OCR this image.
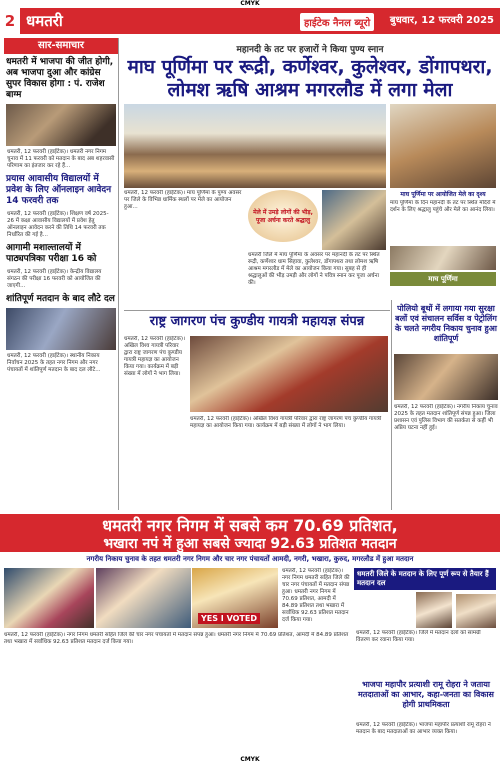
CMYK
2 धमतरी	हाईटेक नैनल ब्यूरो	बुधवार, 12 फरवरी 2025
सार-समाचार
धमतरी में भाजपा की जीत होगी, अब भाजपा दुआ और कांग्रेस सुपर विकास होगा : पं. राजेश बाग्म
धमतरी, 12 फरवरी (हाईटेक)। धमतरी नगर निगम चुनाव में 11 फरवरी को मतदान के बाद अब शहरवासी परिणाम का इंतजार कर रहे हैं...
प्रयास आवासीय विद्यालयों में प्रवेश के लिए ऑनलाइन आवेदन 14 फरवरी तक
धमतरी, 12 फरवरी (हाईटेक)। शिक्षण वर्ष 2025-26 में कक्षा आवासीय विद्यालयों में प्रवेश हेतु ऑनलाइन आवेदन करने की तिथि 14 फरवरी तक निर्धारित की गई है...
आगामी मशाल्तालयों में पाठ्यपत्रिका परीक्षा 16 को
धमतरी, 12 फरवरी (हाईटेक)। केन्द्रीय विद्यालय संगठन की परीक्षा 16 फरवरी को आयोजित की जाएगी...
शांतिपूर्ण मतदान के बाद लौटे दल
धमतरी, 12 फरवरी (हाईटेक)। स्थानीय निकाय निर्वाचन 2025 के तहत नगर निगम और नगर पंचायतों में शांतिपूर्ण मतदान के बाद दल लौटे...
महानदी के तट पर हजारों ने किया पुण्य स्नान
माघ पूर्णिमा पर रूद्री, कर्णेश्वर, कुलेश्वर, डोंगापथरा, लोमश ऋषि आश्रम मगरलौड में लगा मेला
धमतरी, 12 फरवरी (हाईटेक)। माघ पूर्णिमा के पुण्य अवसर पर जिले के विभिन्न धार्मिक स्थलों पर मेले का आयोजन हुआ...
मेले में उमड़े लोगों की भीड़, पूजा अर्चना करते श्रद्धालु
धमतरी जिले में माघ पूर्णिमा के अवसर पर महानदी के तट पर स्थित रूद्री, कर्णेश्वर धाम सिहावा, कुलेश्वर, डोंगापथरा तथा लोमश ऋषि आश्रम मगरलौड में मेले का आयोजन किया गया। सुबह से ही श्रद्धालुओं की भीड़ उमड़ी और लोगों ने पवित्र स्नान कर पूजा अर्चना की।
माघ पूर्णिमा पर आयोजित मेले का दृश्य
माघ पूर्णिमा के दिन महानदी के तट पर स्थित मंदिरों में दर्शन के लिए श्रद्धालु पहुंचे और मेले का आनंद लिया।
माघ पूर्णिमा
राष्ट्र जागरण पंच कुण्डीय गायत्री महायज्ञ संपन्न
धमतरी, 12 फरवरी (हाईटेक)। अखिल विश्व गायत्री परिवार द्वारा राष्ट्र जागरण पंच कुण्डीय गायत्री महायज्ञ का आयोजन किया गया। कार्यक्रम में बड़ी संख्या में लोगों ने भाग लिया।
धमतरी, 12 फरवरी (हाईटेक)। अखिल विश्व गायत्री परिवार द्वारा राष्ट्र जागरण पंच कुण्डीय गायत्री महायज्ञ का आयोजन किया गया। कार्यक्रम में बड़ी संख्या में लोगों ने भाग लिया।
पोलियो बूथों में लगाया गया सुरक्षा बलों एवं संचालन सर्विस व पेट्रोलिंग के चलते नगरीय निकाय चुनाव हुआ शांतिपूर्ण
धमतरी, 12 फरवरी (हाईटेक)। नगरीय निकाय चुनाव 2025 के तहत मतदान शांतिपूर्ण संपन्न हुआ। जिला प्रशासन एवं पुलिस विभाग की सतर्कता से कहीं भी अप्रिय घटना नहीं हुई।
धमतरी नगर निगम में सबसे कम 70.69 प्रतिशत,
भखारा नपं में हुआ सबसे ज्यादा 92.63 प्रतिशत मतदान
नगरीय निकाय चुनाव के तहत धमतरी नगर निगम और चार नगर पंचायतों आमदी, नगरी, भखारा, कुरुद, मगरलौड में हुआ मतदान
YES I VOTED
धमतरी, 12 फरवरी (हाईटेक)। नगर निगम धमतरी सहित जिले की चार नगर पंचायतों में मतदान संपन्न हुआ। धमतरी नगर निगम में 70.69 प्रतिशत, आमदी में 84.89 प्रतिशत तथा भखारा में सर्वाधिक 92.63 प्रतिशत मतदान दर्ज किया गया।
धमतरी, 12 फरवरी (हाईटेक)। नगर निगम धमतरी सहित जिले की चार नगर पंचायतों में मतदान संपन्न हुआ। धमतरी नगर निगम में 70.69 प्रतिशत, आमदी में 84.89 प्रतिशत तथा भखारा में सर्वाधिक 92.63 प्रतिशत मतदान दर्ज किया गया।
धमतरी जिले के मतदान के लिए पूर्ण रूप से तैयार हैं मतदान दल
धमतरी, 12 फरवरी (हाईटेक)। जिले में मतदान दलों को सामग्री वितरण कर रवाना किया गया।
भाजपा महापौर प्रत्याशी रामू रोहरा ने जताया मतदाताओं का आभार, कहा-जनता का विकास होगी प्राथमिकता
धमतरी, 12 फरवरी (हाईटेक)। भाजपा महापौर प्रत्याशी रामू रोहरा ने मतदान के बाद मतदाताओं का आभार व्यक्त किया।
CMYK
